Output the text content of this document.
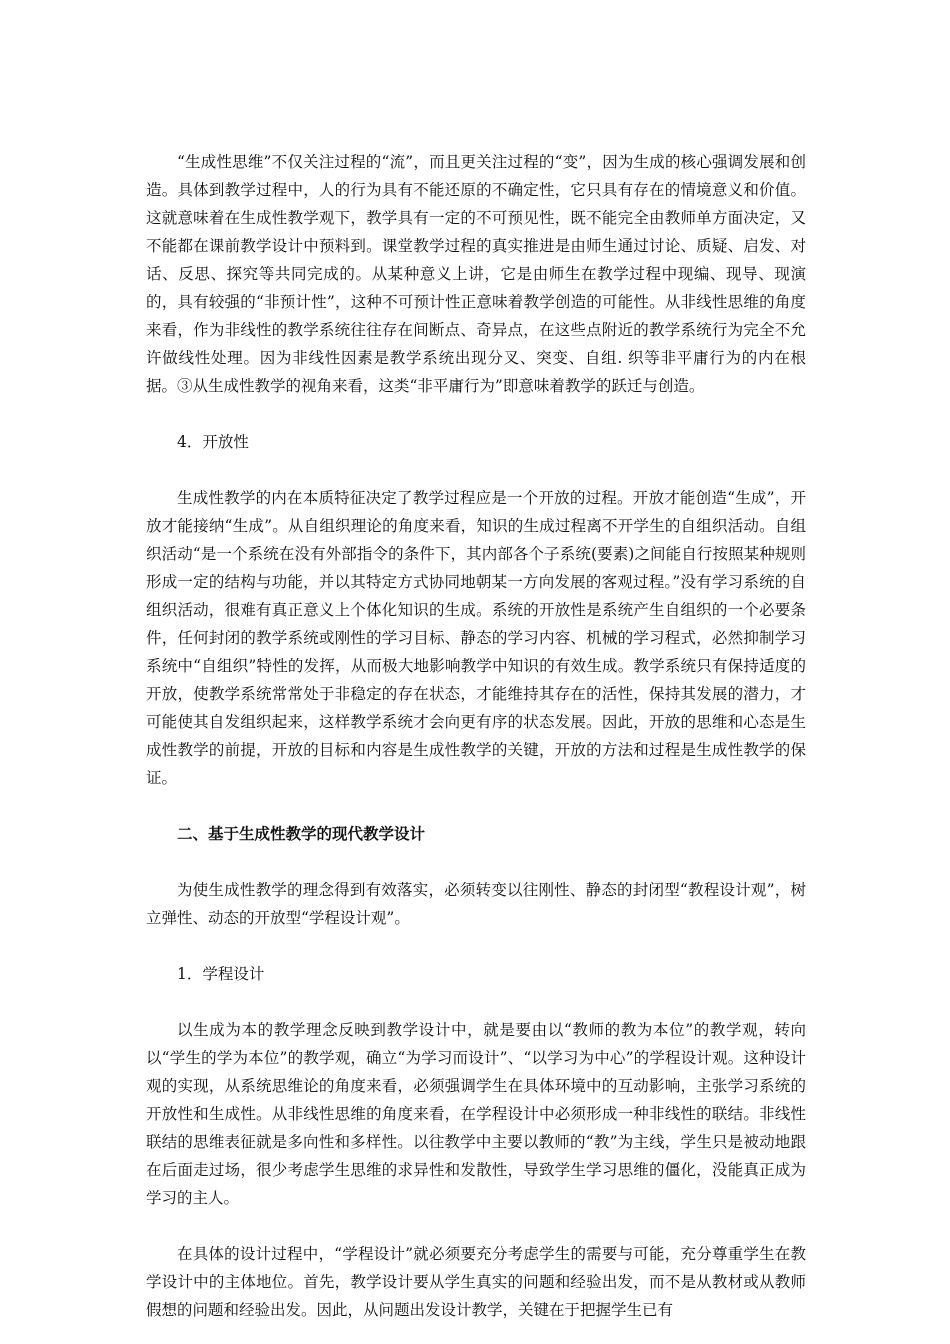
“生成性思维”不仅关注过程的“流”，而且更关注过程的“变”，因为生成的核心强调发展和创造。具体到教学过程中，人的行为具有不能还原的不确定性，它只具有存在的情境意义和价值。这就意味着在生成性教学观下，教学具有一定的不可预见性，既不能完全由教师单方面决定，又不能都在课前教学设计中预料到。课堂教学过程的真实推进是由师生通过讨论、质疑、启发、对话、反思、探究等共同完成的。从某种意义上讲，它是由师生在教学过程中现编、现导、现演的，具有较强的“非预计性”，这种不可预计性正意味着教学创造的可能性。从非线性思维的角度来看，作为非线性的教学系统往往存在间断点、奇异点，在这些点附近的教学系统行为完全不允许做线性处理。因为非线性因素是教学系统出现分叉、突变、自组. 织等非平庸行为的内在根据。③从生成性教学的视角来看，这类“非平庸行为”即意味着教学的跃迁与创造。

4．开放性

生成性教学的内在本质特征决定了教学过程应是一个开放的过程。开放才能创造“生成”，开放才能接纳“生成”。从自组织理论的角度来看，知识的生成过程离不开学生的自组织活动。自组织活动“是一个系统在没有外部指令的条件下，其内部各个子系统(要素)之间能自行按照某种规则形成一定的结构与功能，并以其特定方式协同地朝某一方向发展的客观过程。”没有学习系统的自组织活动，很难有真正意义上个体化知识的生成。系统的开放性是系统产生自组织的一个必要条件，任何封闭的教学系统或刚性的学习目标、静态的学习内容、机械的学习程式，必然抑制学习系统中“自组织”特性的发挥，从而极大地影响教学中知识的有效生成。教学系统只有保持适度的开放，使教学系统常常处于非稳定的存在状态，才能维持其存在的活性，保持其发展的潜力，才可能使其自发组织起来，这样教学系统才会向更有序的状态发展。因此，开放的思维和心态是生成性教学的前提，开放的目标和内容是生成性教学的关键，开放的方法和过程是生成性教学的保证。

二、基于生成性教学的现代教学设计

为使生成性教学的理念得到有效落实，必须转变以往刚性、静态的封闭型“教程设计观”，树立弹性、动态的开放型“学程设计观”。

1．学程设计

以生成为本的教学理念反映到教学设计中，就是要由以“教师的教为本位”的教学观，转向以“学生的学为本位”的教学观，确立“为学习而设计”、“以学习为中心”的学程设计观。这种设计观的实现，从系统思维论的角度来看，必须强调学生在具体环境中的互动影响，主张学习系统的开放性和生成性。从非线性思维的角度来看，在学程设计中必须形成一种非线性的联结。非线性联结的思维表征就是多向性和多样性。以往教学中主要以教师的“教”为主线，学生只是被动地跟在后面走过场，很少考虑学生思维的求异性和发散性，导致学生学习思维的僵化，没能真正成为学习的主人。

在具体的设计过程中，“学程设计”就必须要充分考虑学生的需要与可能，充分尊重学生在教学设计中的主体地位。首先，教学设计要从学生真实的问题和经验出发，而不是从教材或从教师假想的问题和经验出发。因此，从问题出发设计教学，关键在于把握学生已有
